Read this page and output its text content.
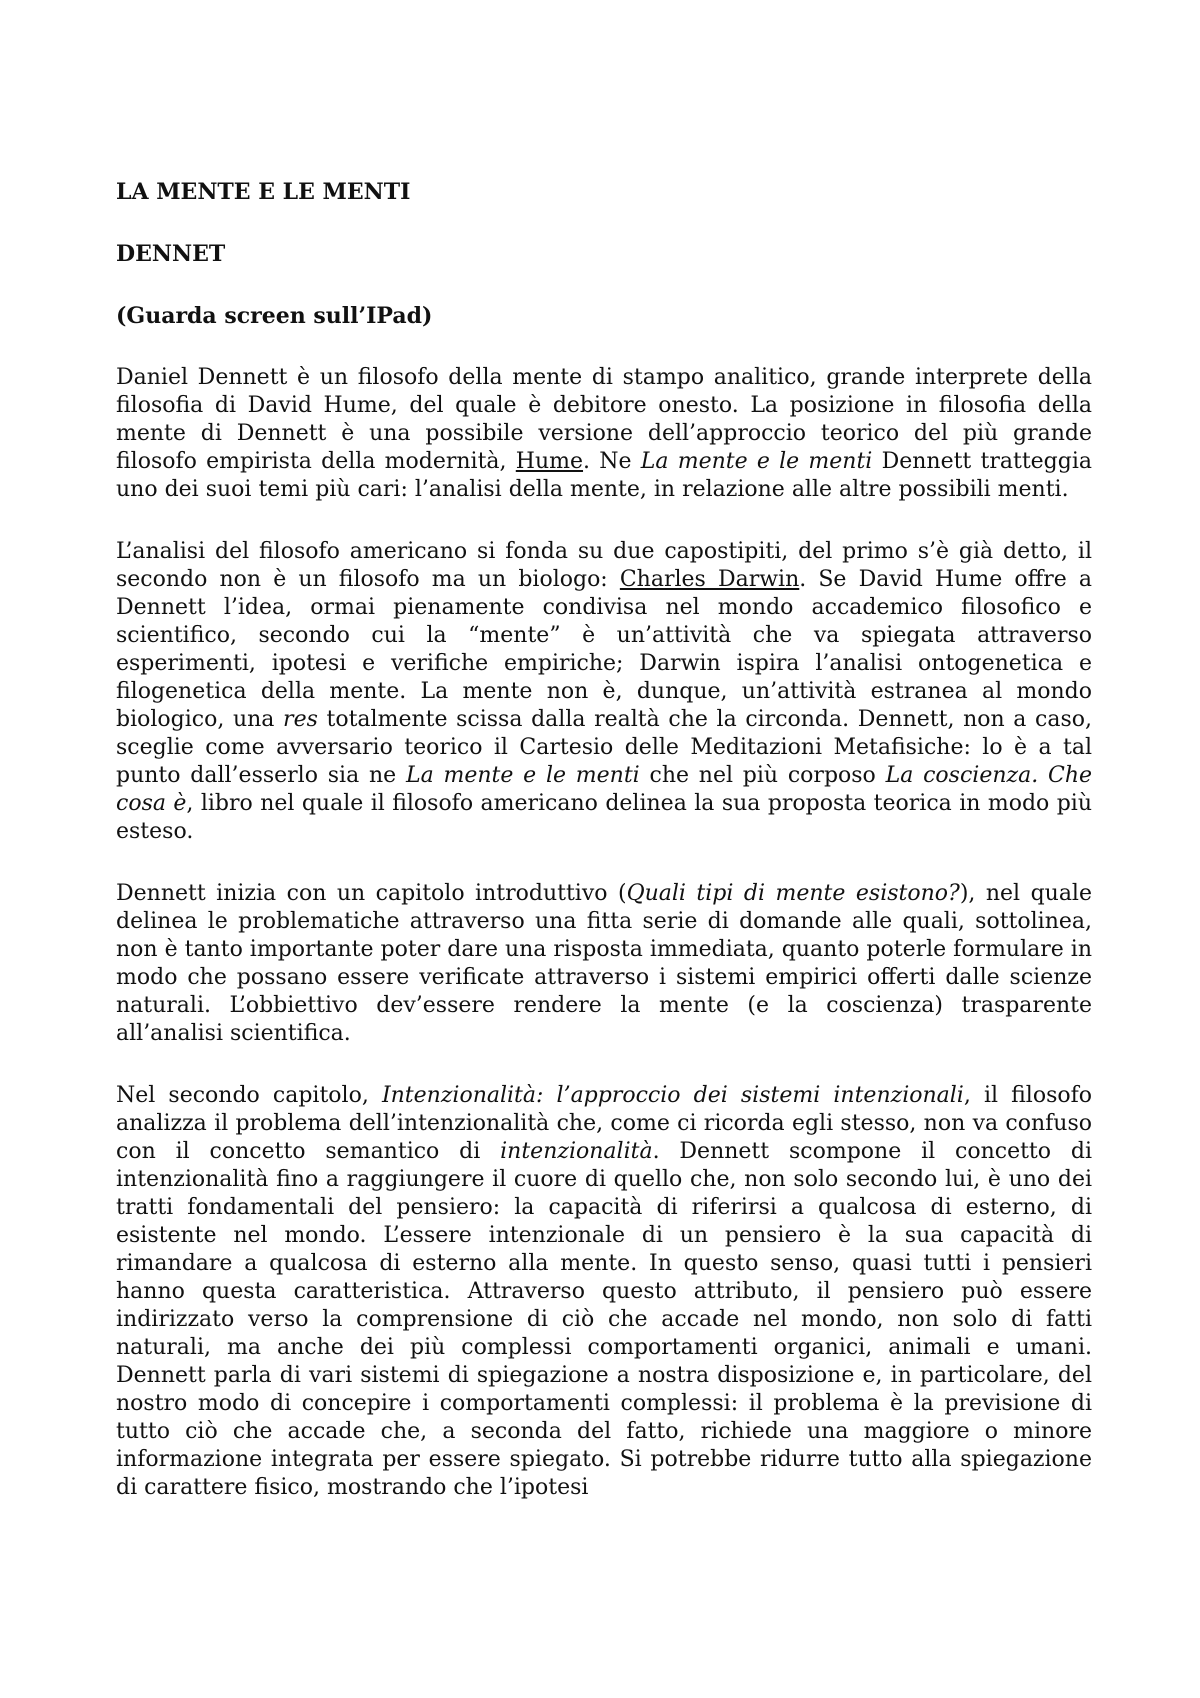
LA MENTE E LE MENTI
DENNET
(Guarda screen sull’IPad)

Daniel Dennett è un filosofo della mente di stampo analitico, grande interprete della filosofia di David Hume, del quale è debitore onesto. La posizione in filosofia della mente di Dennett è una possibile versione dell’approccio teorico del più grande filosofo empirista della modernità, Hume. Ne La mente e le menti Dennett tratteggia uno dei suoi temi più cari: l’analisi della mente, in relazione alle altre possibili menti.

L’analisi del filosofo americano si fonda su due capostipiti, del primo s’è già detto, il secondo non è un filosofo ma un biologo: Charles Darwin. Se David Hume offre a Dennett l’idea, ormai pienamente condivisa nel mondo accademico filosofico e scientifico, secondo cui la “mente” è un’attività che va spiegata attraverso esperimenti, ipotesi e verifiche empiriche; Darwin ispira l’analisi ontogenetica e filogenetica della mente. La mente non è, dunque, un’attività estranea al mondo biologico, una res totalmente scissa dalla realtà che la circonda. Dennett, non a caso, sceglie come avversario teorico il Cartesio delle Meditazioni Metafisiche: lo è a tal punto dall’esserlo sia ne La mente e le menti che nel più corposo La coscienza. Che cosa è, libro nel quale il filosofo americano delinea la sua proposta teorica in modo più esteso.

Dennett inizia con un capitolo introduttivo (Quali tipi di mente esistono?), nel quale delinea le problematiche attraverso una fitta serie di domande alle quali, sottolinea, non è tanto importante poter dare una risposta immediata, quanto poterle formulare in modo che possano essere verificate attraverso i sistemi empirici offerti dalle scienze naturali. L’obbiettivo dev’essere rendere la mente (e la coscienza) trasparente all’analisi scientifica.

Nel secondo capitolo, Intenzionalità: l’approccio dei sistemi intenzionali, il filosofo analizza il problema dell’intenzionalità che, come ci ricorda egli stesso, non va confuso con il concetto semantico di intenzionalità. Dennett scompone il concetto di intenzionalità fino a raggiungere il cuore di quello che, non solo secondo lui, è uno dei tratti fondamentali del pensiero: la capacità di riferirsi a qualcosa di esterno, di esistente nel mondo. L’essere intenzionale di un pensiero è la sua capacità di rimandare a qualcosa di esterno alla mente. In questo senso, quasi tutti i pensieri hanno questa caratteristica. Attraverso questo attributo, il pensiero può essere indirizzato verso la comprensione di ciò che accade nel mondo, non solo di fatti naturali, ma anche dei più complessi comportamenti organici, animali e umani. Dennett parla di vari sistemi di spiegazione a nostra disposizione e, in particolare, del nostro modo di concepire i comportamenti complessi: il problema è la previsione di tutto ciò che accade che, a seconda del fatto, richiede una maggiore o minore informazione integrata per essere spiegato. Si potrebbe ridurre tutto alla spiegazione di carattere fisico, mostrando che l’ipotesi
